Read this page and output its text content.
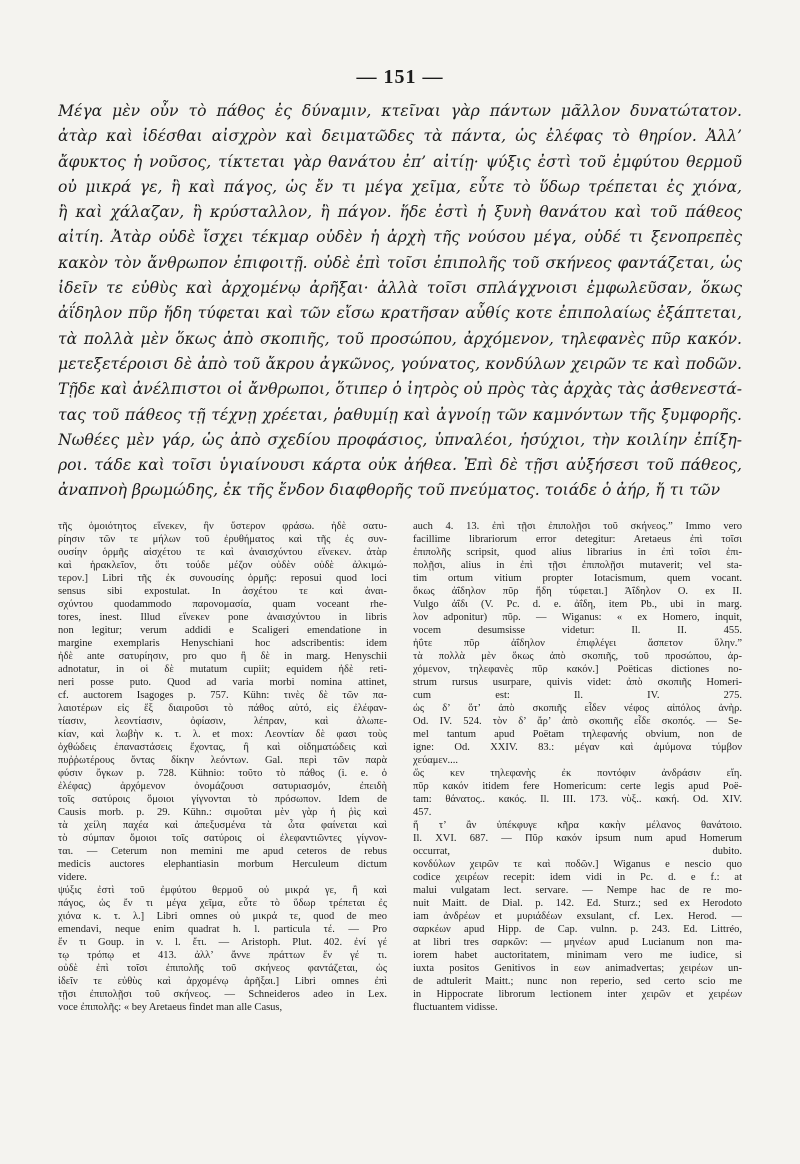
— 151 —
Μέγα μὲν οὖν τὸ πάθος ἐς δύναμιν, κτεῖναι γὰρ πάντων μᾶλλον δυνατώτατον.
ἀτὰρ καὶ ἰδέσθαι αἰσχρὸν καὶ δειματῶδες τὰ πάντα, ὡς ἐλέφας τὸ θηρίον. Ἀλλ’
ἄφυκτος ἡ νοῦσος, τίκτεται γὰρ θανάτου ἐπ’ αἰτίῃ· ψύξις ἐστὶ τοῦ ἐμφύτου θερμοῦ
οὐ μικρά γε, ἢ καὶ πάγος, ὡς ἔν τι μέγα χεῖμα, εὖτε τὸ ὕδωρ τρέπεται ἐς χιόνα,
ἢ καὶ χάλαζαν, ἢ κρύσταλλον, ἢ πάγον. ἥδε ἐστὶ ἡ ξυνὴ θανάτου καὶ τοῦ πάθεος
αἰτίη. Ἀτὰρ οὐδὲ ἴσχει τέκμαρ οὐδὲν ἡ ἀρχὴ τῆς νούσου μέγα, οὐδέ τι ξενοπρεπὲς
κακὸν τὸν ἄνθρωπον ἐπιφοιτῇ. οὐδὲ ἐπὶ τοῖσι ἐπιπολῆς τοῦ σκήνεος φαντάζεται, ὡς
ἰδεῖν τε εὐθὺς καὶ ἀρχομένῳ ἀρῆξαι· ἀλλὰ τοῖσι σπλάγχνοισι ἐμφωλεῦσαν, ὅκως
ἀΐδηλον πῦρ ἤδη τύφεται καὶ τῶν εἴσω κρατῆσαν αὖθίς κοτε ἐπιπολαίως ἐξάπτεται,
τὰ πολλὰ μὲν ὅκως ἀπὸ σκοπιῆς, τοῦ προσώπου, ἀρχόμενον, τηλεφανὲς πῦρ κακόν.
μετεξετέροισι δὲ ἀπὸ τοῦ ἄκρου ἀγκῶνος, γούνατος, κονδύλων χειρῶν τε καὶ ποδῶν.
Τῇδε καὶ ἀνέλπιστοι οἱ ἄνθρωποι, ὅτιπερ ὁ ἰητρὸς οὐ πρὸς τὰς ἀρχὰς τὰς ἀσθενεστά-
τας τοῦ πάθεος τῇ τέχνῃ χρέεται, ῥαθυμίῃ καὶ ἀγνοίῃ τῶν καμνόντων τῆς ξυμφορῆς.
Νωθέες μὲν γάρ, ὡς ἀπὸ σχεδίου προφάσιος, ὑπναλέοι, ἡσύχιοι, τὴν κοιλίην ἐπίξη-
ροι. τάδε καὶ τοῖσι ὑγιαίνουσι κάρτα οὐκ ἀήθεα. Ἐπὶ δὲ τῇσι αὐξήσεσι τοῦ πάθεος,
ἀναπνοὴ βρωμώδης, ἐκ τῆς ἔνδον διαφθορῆς τοῦ πνεύματος. τοιάδε ὁ ἀήρ, ἤ τι τῶν

τῆς ὁμοιότητος εἵνεκεν, ἣν ὕστερον φράσω. ἠδὲ σατυ-

ρίησιν τῶν τε μήλων τοῦ ἐρυθήματος καὶ τῆς ἐς συν-

ουσίην ὁρμῆς αἰσχέτου τε καὶ ἀναισχύντου εἵνεκεν. ἀτὰρ

καὶ ἡρακλεῖον, ὅτι τούδε μέζον οὐδὲν οὐδὲ ἀλκιμώ-

τερον.] Libri τῆς ἐκ συνουσίης ὁρμῆς: reposui quod loci

sensus sibi expostulat. In ἀσχέτου τε καὶ ἀναι-

σχύντου quodammodo παρονομασία, quam voceant rhe-

tores, inest. Illud εἵνεκεν pone ἀναισχύντου in libris

non legitur; verum addidi e Scaligeri emendatione in

margine exemplaris Henyschiani hoc adscribentis: idem

ἠδὲ ante σατυρίησιν, pro quo ἢ δὲ in marg. Henyschii

adnotatur, in οἱ δὲ mutatum cupiit; equidem ἠδὲ reti-

neri posse puto. Quod ad varia morbi nomina attinet,

cf. auctorem Isagoges p. 757. Kühn: τινὲς δὲ τῶν πα-

λαιοτέρων εἰς ἕξ διαιροῦσι τὸ πάθος αὐτό, εἰς ἐλέφαν-

τίασιν, λεοντίασιν, ὀφίασιν, λέπραν, καὶ ἀλωπε-

κίαν, καὶ λωβὴν κ. τ. λ. et mox: Λεοντίαν δὲ φασι τοὺς

ὀχθώδεις ἐπαναστάσεις ἔχοντας, ἢ καὶ οἰδηματώδεις καὶ

πυῤῥωτέρους ὄντας δίκην λεόντων. Gal. περὶ τῶν παρὰ

φύσιν ὄγκων p. 728. Kühnio: τοῦτο τὸ πάθος (i. e. ὁ

ἐλέφας) ἀρχόμενον ὀνομάζουσι σατυριασμόν, ἐπειδὴ

τοῖς σατύροις ὅμοιοι γίγνονται τὸ πρόσωπον. Idem de

Causis morb. p. 29. Kühn.: σιμοῦται μὲν γὰρ ἡ ῥὶς καὶ

τὰ χείλη παχέα καὶ ἀπεξυσμένα τὰ ὦτα φαίνεται καὶ

τὸ σύμπαν ὅμοιοι τοῖς σατύροις οἱ ἐλεφαντιῶντες γίγνον-

ται. — Ceterum non memini me apud ceteros de rebus

medicis auctores elephantiasin morbum Herculeum dictum

videre.

ψύξις ἐστὶ τοῦ ἐμφύτου θερμοῦ οὐ μικρά γε, ἢ καὶ

πάγος, ὡς ἔν τι μέγα χεῖμα, εὖτε τὸ ὕδωρ τρέπεται ἐς

χιόνα κ. τ. λ.] Libri omnes οὐ μικρά τε, quod de meo

emendavi, neque enim quadrat h. l. particula τέ. — Pro

ἔν τι Goup. in v. l. ἔτι. — Aristoph. Plut. 402. ἐνί γέ

τῳ τρόπῳ et 413. ἀλλ’ ἄννε πράττων ἕν γέ τι.

οὐδὲ ἐπὶ τοῖσι ἐπιπολῆς τοῦ σκήνεος φαντάζεται, ὡς

ἰδεῖν τε εὐθὺς καὶ ἀρχομένῳ ἀρῆξαι.] Libri omnes ἐπὶ

τῇσι ἐπιπολῇσι τοῦ σκήνεος. — Schneideros adeo in Lex.

voce ἐπιπολῆς: « bey Aretaeus findet man alle Casus,

auch 4. 13. ἐπὶ τῇσι ἐπιπολῇσι τοῦ σκήνεος.” Immo vero

facillime librariorum error detegitur: Aretaeus ἐπὶ τοῖσι

ἐπιπολῆς scripsit, quod alius librarius in ἐπὶ τοῖσι ἐπι-

πολῇσι, alius in ἐπὶ τῇσι ἐπιπολῇσι mutaverit; vel sta-

tim ortum vitium propter Iotacismum, quem vocant.

ὅκως ἀΐδηλον πῦρ ἤδη τύφεται.] Ἀΐδηλον O. ex II.

Vulgo ἀΐδι (V. Pc. d. e. ἀΐδη, item Pb., ubi in marg.

λον adponitur) πῦρ. — Wiganus: « ex Homero, inquit,

vocem desumsisse videtur: Il. II. 455.

ἠΰτε πῦρ ἀΐδηλον ἐπιφλέγει ἄσπετον ὕλην.”

τὰ πολλὰ μὲν ὅκως ἀπὸ σκοπιῆς, τοῦ προσώπου, ἀρ-

χόμενον, τηλεφανὲς πῦρ κακόν.] Poëticas dictiones no-

strum rursus usurpare, quivis videt: ἀπὸ σκοπιῆς Homeri-

cum est: Il. IV. 275.

ὡς δ’ ὅτ’ ἀπὸ σκοπιῆς εἶδεν νέφος αἰπόλος ἀνὴρ.

Od. IV. 524. τὸν δ’ ἄρ’ ἀπὸ σκοπιῆς εἶδε σκοπός. — Se-

mel tantum apud Poëtam τηλεφανής obvium, non de

igne: Od. XXIV. 83.: μέγαν καὶ ἀμύμονα τύμβον

χεύαμεν....

ὥς κεν τηλεφανὴς ἐκ ποντόφιν ἀνδράσιν εἴη.

πῦρ κακόν itidem fere Homericum: certe legis apud Poë-

tam: θάνατος.. κακός. Il. III. 173. νὺξ.. κακή. Od. XIV.

457.

ἥ τ’ ἂν ὑπέκφυγε κῆρα κακὴν μέλανος θανάτοιο.

Il. XVI. 687. — Πῦρ κακόν ipsum num apud Homerum

occurrat, dubito.

κονδύλων χειρῶν τε καὶ ποδῶν.] Wiganus e nescio quo

codice χειρέων recepit: idem vidi in Pc. d. e f.: at

malui vulgatam lect. servare. — Nempe hac de re mo-

nuit Maitt. de Dial. p. 142. Ed. Sturz.; sed ex Herodoto

iam ἀνδρέων et μυριάδέων exsulant, cf. Lex. Herod. —

σαρκέων apud Hipp. de Cap. vulnn. p. 243. Ed. Littréo,

at libri tres σαρκῶν: — μηνέων apud Lucianum non ma-

iorem habet auctoritatem, minimam vero me iudice, si

iuxta positos Genitivos in εων animadvertas; χειρέων un-

de adtulerit Maitt.; nunc non reperio, sed certo scio me

in Hippocrate librorum lectionem inter χειρῶν et χειρέων

fluctuantem vidisse.
